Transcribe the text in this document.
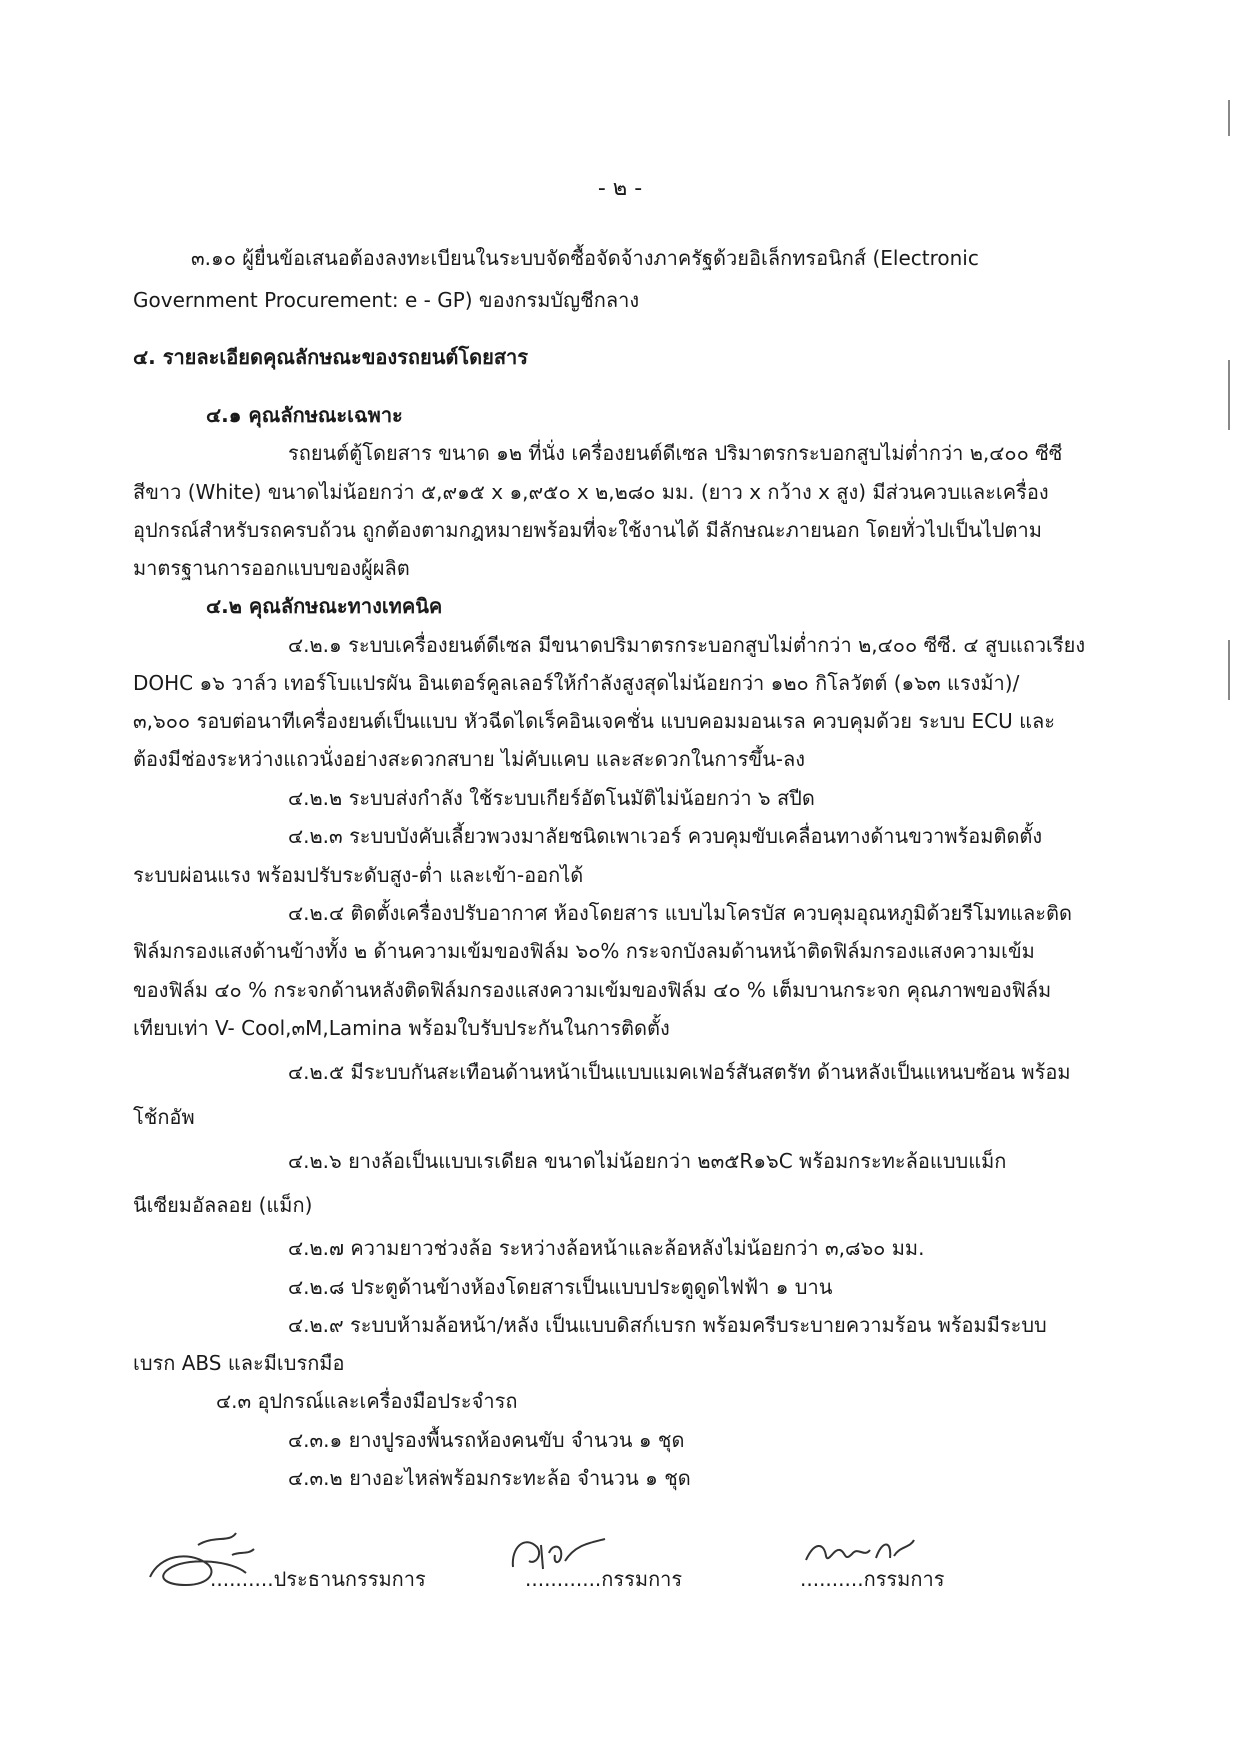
- ๒ -
๓.๑๐ ผู้ยื่นข้อเสนอต้องลงทะเบียนในระบบจัดซื้อจัดจ้างภาครัฐด้วยอิเล็กทรอนิกส์ (Electronic
Government Procurement: e - GP) ของกรมบัญชีกลาง
๔. รายละเอียดคุณลักษณะของรถยนต์โดยสาร
๔.๑ คุณลักษณะเฉพาะ
รถยนต์ตู้โดยสาร ขนาด ๑๒ ที่นั่ง เครื่องยนต์ดีเซล ปริมาตรกระบอกสูบไม่ต่ำกว่า ๒,๔๐๐ ซีซี
สีขาว (White) ขนาดไม่น้อยกว่า ๕,๙๑๕ x ๑,๙๕๐ x ๒,๒๘๐ มม. (ยาว x กว้าง x สูง) มีส่วนควบและเครื่อง
อุปกรณ์สำหรับรถครบถ้วน ถูกต้องตามกฎหมายพร้อมที่จะใช้งานได้ มีลักษณะภายนอก โดยทั่วไปเป็นไปตาม
มาตรฐานการออกแบบของผู้ผลิต
๔.๒ คุณลักษณะทางเทคนิค
๔.๒.๑ ระบบเครื่องยนต์ดีเซล มีขนาดปริมาตรกระบอกสูบไม่ต่ำกว่า ๒,๔๐๐ ซีซี. ๔ สูบแถวเรียง
DOHC ๑๖ วาล์ว เทอร์โบแปรผัน อินเตอร์คูลเลอร์ให้กำลังสูงสุดไม่น้อยกว่า ๑๒๐ กิโลวัตต์ (๑๖๓ แรงม้า)/
๓,๖๐๐ รอบต่อนาทีเครื่องยนต์เป็นแบบ หัวฉีดไดเร็คอินเจคชั่น แบบคอมมอนเรล ควบคุมด้วย ระบบ ECU และ
ต้องมีช่องระหว่างแถวนั่งอย่างสะดวกสบาย ไม่คับแคบ และสะดวกในการขึ้น-ลง
๔.๒.๒ ระบบส่งกำลัง ใช้ระบบเกียร์อัตโนมัติไม่น้อยกว่า ๖ สปีด
๔.๒.๓ ระบบบังคับเลี้ยวพวงมาลัยชนิดเพาเวอร์ ควบคุมขับเคลื่อนทางด้านขวาพร้อมติดตั้ง
ระบบผ่อนแรง พร้อมปรับระดับสูง-ต่ำ และเข้า-ออกได้
๔.๒.๔ ติดตั้งเครื่องปรับอากาศ ห้องโดยสาร แบบไมโครบัส ควบคุมอุณหภูมิด้วยรีโมทและติด
ฟิล์มกรองแสงด้านข้างทั้ง ๒ ด้านความเข้มของฟิล์ม ๖๐% กระจกบังลมด้านหน้าติดฟิล์มกรองแสงความเข้ม
ของฟิล์ม ๔๐ % กระจกด้านหลังติดฟิล์มกรองแสงความเข้มของฟิล์ม ๔๐ % เต็มบานกระจก คุณภาพของฟิล์ม
เทียบเท่า V- Cool,๓M,Lamina พร้อมใบรับประกันในการติดตั้ง
๔.๒.๕ มีระบบกันสะเทือนด้านหน้าเป็นแบบแมคเฟอร์สันสตรัท ด้านหลังเป็นแหนบซ้อน พร้อม
โช้กอัพ
๔.๒.๖ ยางล้อเป็นแบบเรเดียล ขนาดไม่น้อยกว่า ๒๓๕R๑๖C พร้อมกระทะล้อแบบแม็ก
นีเซียมอัลลอย (แม็ก)
๔.๒.๗ ความยาวช่วงล้อ ระหว่างล้อหน้าและล้อหลังไม่น้อยกว่า ๓,๘๖๐ มม.
๔.๒.๘ ประตูด้านข้างห้องโดยสารเป็นแบบประตูดูดไฟฟ้า ๑ บาน
๔.๒.๙ ระบบห้ามล้อหน้า/หลัง เป็นแบบดิสก์เบรก พร้อมครีบระบายความร้อน พร้อมมีระบบ
เบรก ABS และมีเบรกมือ
๔.๓ อุปกรณ์และเครื่องมือประจำรถ
๔.๓.๑ ยางปูรองพื้นรถห้องคนขับ จำนวน ๑ ชุด
๔.๓.๒ ยางอะไหล่พร้อมกระทะล้อ จำนวน ๑ ชุด
..........ประธานกรรมการ	............กรรมการ	..........กรรมการ
